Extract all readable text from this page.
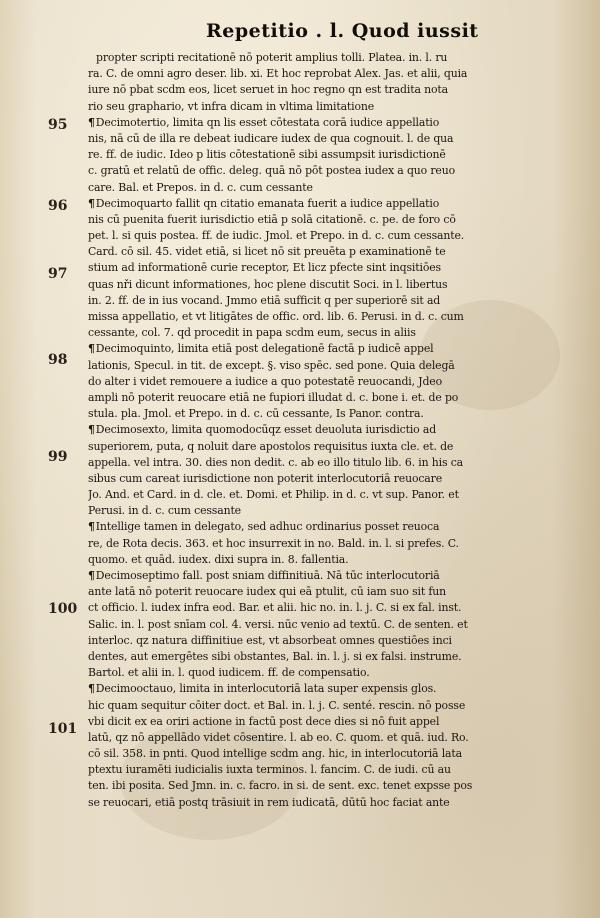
Repetitio . l. Quod iussit
95
96
97
98
99
100
101
propter scripti recitationē nō poterit amplius tolli. Platea. in. l. ru
ra. C. de omni agro deser. lib. xi. Et hoc reprobat Alex. Jas. et alii, quia
iure nō pbat scdm eos, licet seruet in hoc regno qn est tradita nota
rio seu graphario, vt infra dicam in vltima limitatione
¶Decimotertio, limita qn lis esset cōtestata corā iudice appellatio
nis, nā cū de illa re debeat iudicare iudex de qua cognouit. l. de qua
re. ff. de iudic. Ideo p litis cōtestationē sibi assumpsit iurisdictionē
c. gratū et relatū de offic. deleg. quā nō pōt postea iudex a quo reuo
care. Bal. et Prepos. in d. c. cum cessante
¶Decimoquarto fallit qn citatio emanata fuerit a iudice appellatio
nis cū puenita fuerit iurisdictio etiā p solā citationē. c. pe. de foro cō
pet. l. si quis postea. ff. de iudic. Jmol. et Prepo. in d. c. cum cessante.
Card. cō sil. 45. videt etiā, si licet nō sit preuēta p examinationē te
stium ad informationē curie receptor, Et licz pfecte sint inqsitiōes
quas nři dicunt informationes, hoc plene discutit Soci. in l. libertus
in. 2. ff. de in ius vocand. Jmmo etiā sufficit q per superiorē sit ad
missa appellatio, et vt litigātes de offic. ord. lib. 6. Perusi. in d. c. cum
cessante, col. 7. qd procedit in papa scdm eum, secus in aliis
¶Decimoquinto, limita etiā post delegationē factā p iudicē appel
lationis, Specul. in tit. de except. §. viso spēc. sed pone. Quia delegā
do alter i videt remouere a iudice a quo potestatē reuocandi, Jdeo
ampli nō poterit reuocare etiā ne fupiori illudat d. c. bone i. et. de po
stula. pla. Jmol. et Prepo. in d. c. cū cessante, Is Panor. contra.
¶Decimosexto, limita quomodocūqz esset deuoluta iurisdictio ad
superiorem, puta, q noluit dare apostolos requisitus iuxta cle. et. de
appella. vel intra. 30. dies non dedit. c. ab eo illo titulo lib. 6. in his ca
sibus cum careat iurisdictione non poterit interlocutoriā reuocare
Jo. And. et Card. in d. cle. et. Domi. et Philip. in d. c. vt sup. Panor. et
Perusi. in d. c. cum cessante
¶Intellige tamen in delegato, sed adhuc ordinarius posset reuoca
re, de Rota decis. 363. et hoc insurrexit in no. Bald. in. l. si prefes. C.
quomo. et quād. iudex. dixi supra in. 8. fallentia.
¶Decimoseptimo fall. post sniam diffinitiuā. Nā tūc interlocutoriā
ante latā nō poterit reuocare iudex qui eā ptulit, cū iam suo sit fun
ct officio. l. iudex infra eod. Bar. et alii. hic no. in. l. j. C. si ex fal. inst.
Salic. in. l. post snīam col. 4. versi. nūc venio ad textū. C. de senten. et
interloc. qz natura diffinitiue est, vt absorbeat omnes questiōes inci
dentes, aut emergētes sibi obstantes, Bal. in. l. j. si ex falsi. instrume.
Bartol. et alii in. l. quod iudicem. ff. de compensatio.
¶Decimooctauo, limita in interlocutoriā lata super expensis glos.
hic quam sequitur cōiter doct. et Bal. in. l. j. C. senté. rescin. nō posse
vbi dicit ex ea oriri actione in factū post dece dies si nō fuit appel
latū, qz nō appellādo videt cōsentire. l. ab eo. C. quom. et quā. iud. Ro.
cō sil. 358. in pnti. Quod intellige scdm ang. hic, in interlocutoriā lata
ptextu iuramēti iudicialis iuxta terminos. l. fancim. C. de iudi. cū au
ten. ibi posita. Sed Jmn. in. c. facro. in si. de sent. exc. tenet expsse pos
se reuocari, etiā postq trāsiuit in rem iudicatā, dūtū hoc faciat ante
